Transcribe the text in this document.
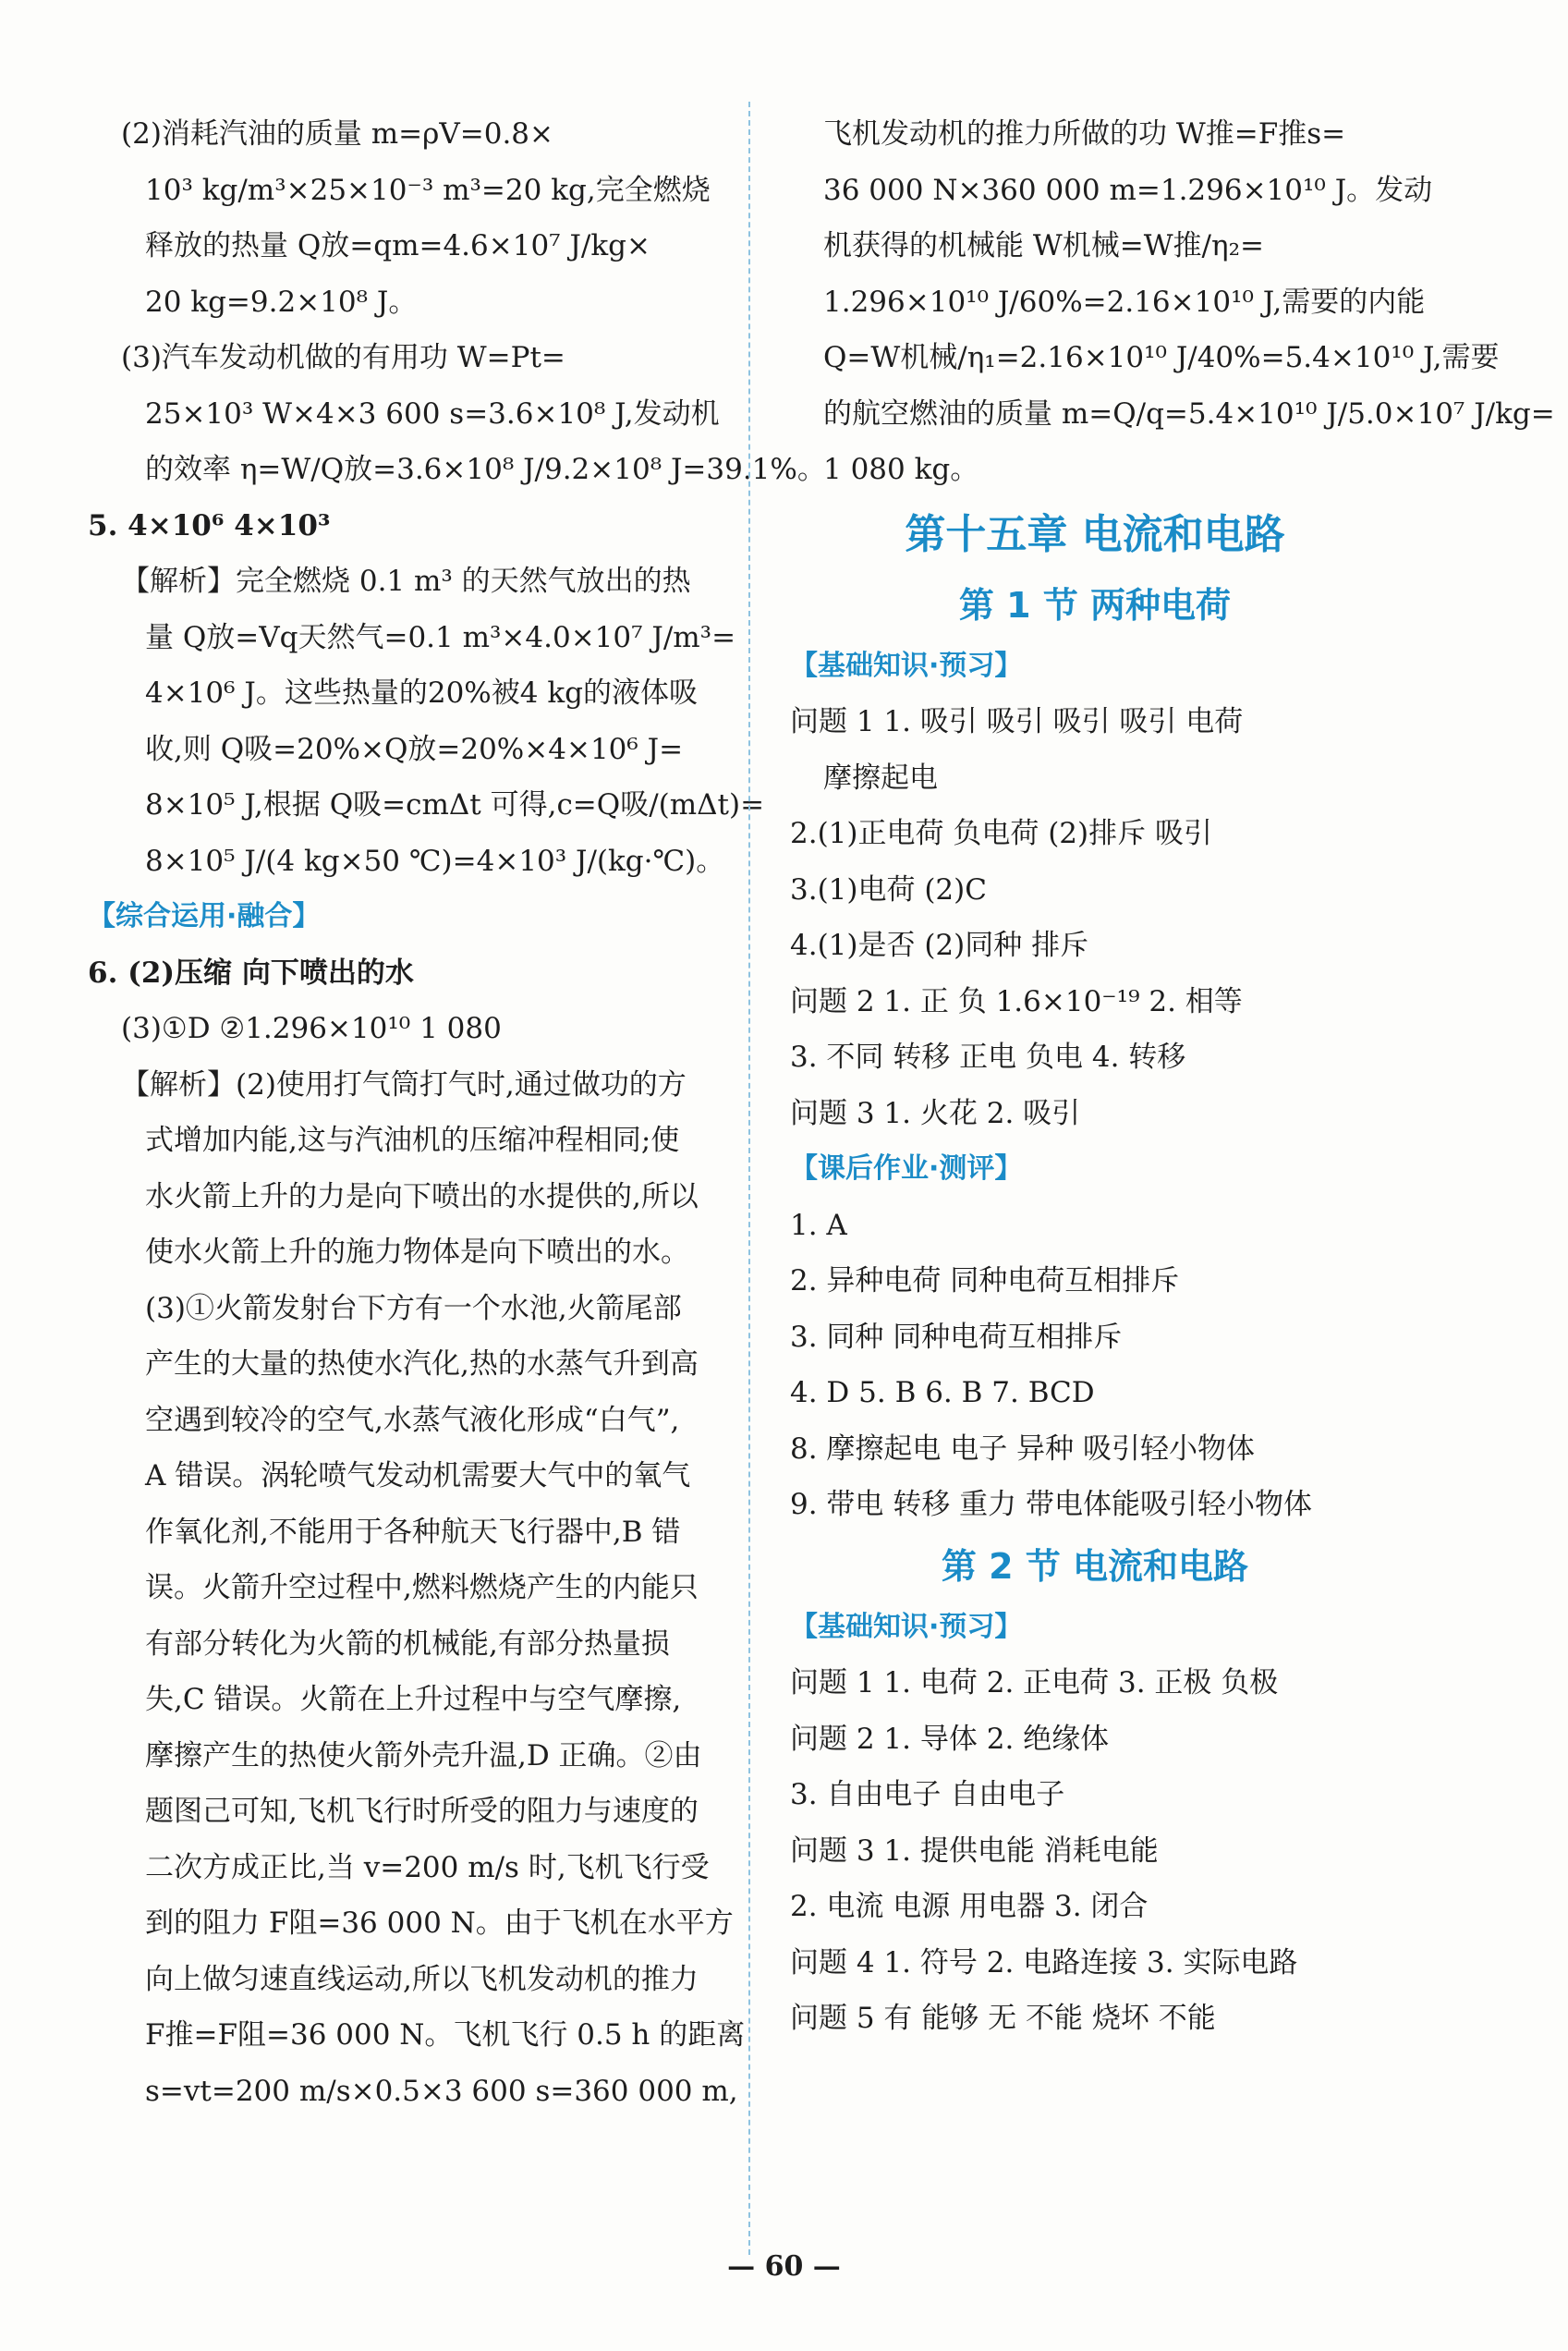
(2)消耗汽油的质量 m=ρV=0.8×
10³ kg/m³×25×10⁻³ m³=20 kg,完全燃烧
释放的热量 Q放=qm=4.6×10⁷ J/kg×
20 kg=9.2×10⁸ J。
(3)汽车发动机做的有用功 W=Pt=
25×10³ W×4×3 600 s=3.6×10⁸ J,发动机
的效率 η=W/Q放=3.6×10⁸ J/9.2×10⁸ J=39.1%。
5. 4×10⁶ 4×10³
【解析】完全燃烧 0.1 m³ 的天然气放出的热
量 Q放=Vq天然气=0.1 m³×4.0×10⁷ J/m³=
4×10⁶ J。这些热量的20%被4 kg的液体吸
收,则 Q吸=20%×Q放=20%×4×10⁶ J=
8×10⁵ J,根据 Q吸=cmΔt 可得,c=Q吸/(mΔt)=
8×10⁵ J/(4 kg×50 ℃)=4×10³ J/(kg·℃)。
【综合运用·融合】
6. (2)压缩 向下喷出的水
(3)①D ②1.296×10¹⁰ 1 080
【解析】(2)使用打气筒打气时,通过做功的方
式增加内能,这与汽油机的压缩冲程相同;使
水火箭上升的力是向下喷出的水提供的,所以
使水火箭上升的施力物体是向下喷出的水。
(3)①火箭发射台下方有一个水池,火箭尾部
产生的大量的热使水汽化,热的水蒸气升到高
空遇到较冷的空气,水蒸气液化形成“白气”,
A 错误。涡轮喷气发动机需要大气中的氧气
作氧化剂,不能用于各种航天飞行器中,B 错
误。火箭升空过程中,燃料燃烧产生的内能只
有部分转化为火箭的机械能,有部分热量损
失,C 错误。火箭在上升过程中与空气摩擦,
摩擦产生的热使火箭外壳升温,D 正确。②由
题图己可知,飞机飞行时所受的阻力与速度的
二次方成正比,当 v=200 m/s 时,飞机飞行受
到的阻力 F阻=36 000 N。由于飞机在水平方
向上做匀速直线运动,所以飞机发动机的推力
F推=F阻=36 000 N。飞机飞行 0.5 h 的距离
s=vt=200 m/s×0.5×3 600 s=360 000 m,
飞机发动机的推力所做的功 W推=F推s=
36 000 N×360 000 m=1.296×10¹⁰ J。发动
机获得的机械能 W机械=W推/η₂=
1.296×10¹⁰ J/60%=2.16×10¹⁰ J,需要的内能
Q=W机械/η₁=2.16×10¹⁰ J/40%=5.4×10¹⁰ J,需要
的航空燃油的质量 m=Q/q=5.4×10¹⁰ J/5.0×10⁷ J/kg=
1 080 kg。
第十五章 电流和电路
第 1 节 两种电荷
【基础知识·预习】
问题 1 1. 吸引 吸引 吸引 吸引 电荷
摩擦起电
2.(1)正电荷 负电荷 (2)排斥 吸引
3.(1)电荷 (2)C
4.(1)是否 (2)同种 排斥
问题 2 1. 正 负 1.6×10⁻¹⁹ 2. 相等
3. 不同 转移 正电 负电 4. 转移
问题 3 1. 火花 2. 吸引
【课后作业·测评】
1. A
2. 异种电荷 同种电荷互相排斥
3. 同种 同种电荷互相排斥
4. D 5. B 6. B 7. BCD
8. 摩擦起电 电子 异种 吸引轻小物体
9. 带电 转移 重力 带电体能吸引轻小物体
第 2 节 电流和电路
【基础知识·预习】
问题 1 1. 电荷 2. 正电荷 3. 正极 负极
问题 2 1. 导体 2. 绝缘体
3. 自由电子 自由电子
问题 3 1. 提供电能 消耗电能
2. 电流 电源 用电器 3. 闭合
问题 4 1. 符号 2. 电路连接 3. 实际电路
问题 5 有 能够 无 不能 烧坏 不能
— 60 —
